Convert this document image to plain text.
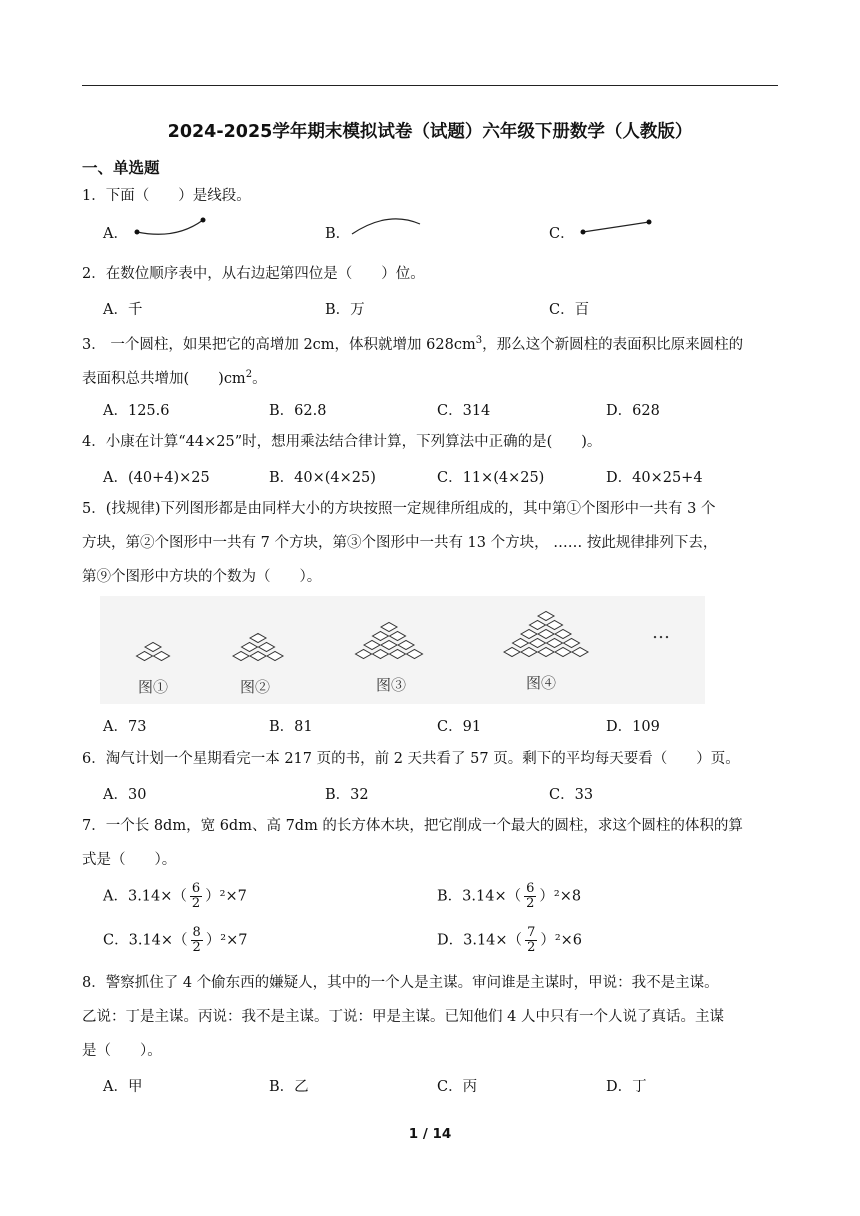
2024-2025学年期末模拟试卷（试题）六年级下册数学（人教版）
一、单选题
1．下面（　　）是线段。
A．	B．	C．
2．在数位顺序表中，从右边起第四位是（　　）位。
A．千	B．万	C．百
3． 一个圆柱，如果把它的高增加 2cm，体积就增加 $628cm^3$，那么这个新圆柱的表面积比原来圆柱的
表面积总共增加(　　)$cm^2$。
A．125.6	B．62.8	C．314	D．628
4．小康在计算“44×25”时，想用乘法结合律计算，下列算法中正确的是(　　)。
A．(40+4)×25	B．40×(4×25)	C．11×(4×25)	D．40×25+4
5．(找规律)下列图形都是由同样大小的方块按照一定规律所组成的，其中第①个图形中一共有 3 个
方块，第②个图形中一共有 7 个方块，第③个图形中一共有 13 个方块， …… 按此规律排列下去，
第⑨个图形中方块的个数为（　　）。
图①	图②	图③	图④
…
A．73	B．81	C．91	D．109
6．淘气计划一个星期看完一本 217 页的书，前 2 天共看了 57 页。剩下的平均每天要看（　　）页。
A．30	B．32	C．33
7．一个长 8dm，宽 6dm、高 7dm 的长方体木块，把它削成一个最大的圆柱，求这个圆柱的体积的算
式是（　　）。
A．$3.14\times( \frac{6}{2} )^2\times 7$	B．$3.14\times( \frac{6}{2} )^2\times 8$
C．$3.14\times( \frac{8}{2} )^2\times 7$	D．$3.14\times( \frac{7}{2} )^2\times 6$
8．警察抓住了 4 个偷东西的嫌疑人，其中的一个人是主谋。审问谁是主谋时，甲说：我不是主谋。
乙说：丁是主谋。丙说：我不是主谋。丁说：甲是主谋。已知他们 4 人中只有一个人说了真话。主谋
是（　　）。
A．甲	B．乙	C．丙	D．丁
1 / 14
